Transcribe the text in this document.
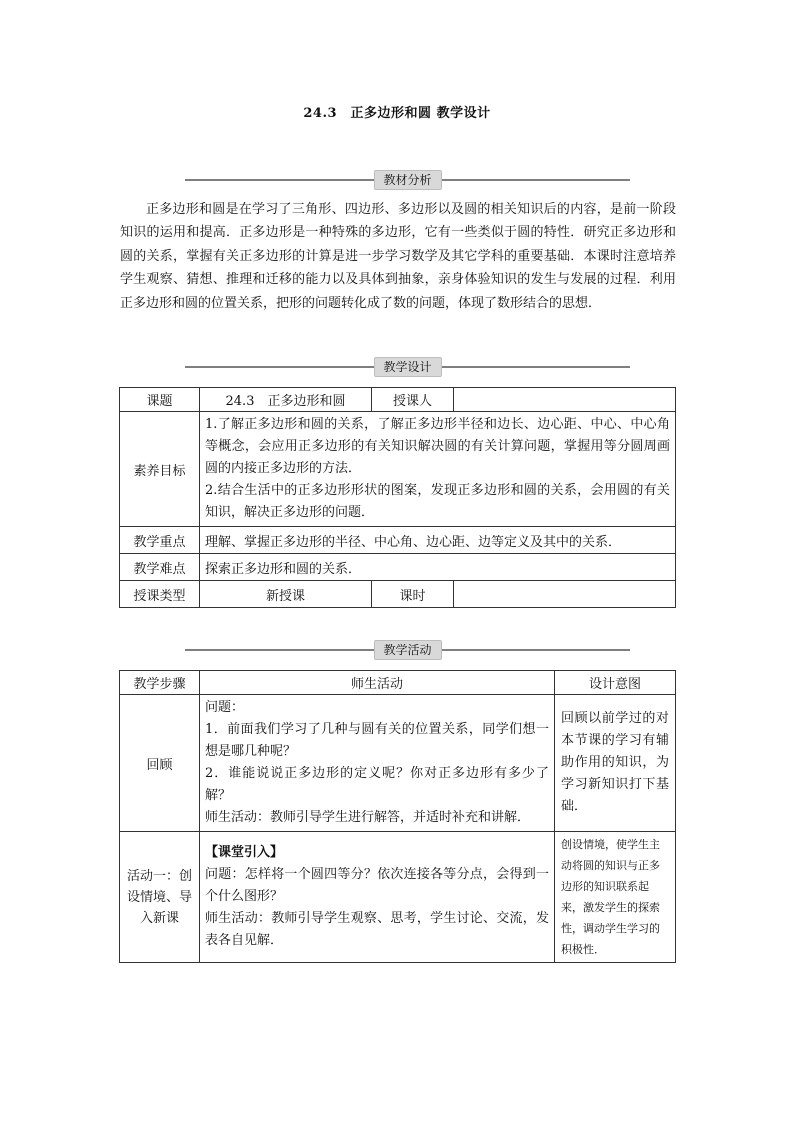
24.3　正多边形和圆 教学设计
教材分析

正多边形和圆是在学习了三角形、四边形、多边形以及圆的相关知识后的内容，是前一阶段知识的运用和提高．正多边形是一种特殊的多边形，它有一些类似于圆的特性．研究正多边形和圆的关系，掌握有关正多边形的计算是进一步学习数学及其它学科的重要基础．本课时注意培养学生观察、猜想、推理和迁移的能力以及具体到抽象，亲身体验知识的发生与发展的过程．利用正多边形和圆的位置关系，把形的问题转化成了数的问题，体现了数形结合的思想．

教学设计
课题	24.3　正多边形和圆	授课人	
素养目标	1.了解正多边形和圆的关系，了解正多边形半径和边长、边心距、中心、中心角等概念，会应用正多边形的有关知识解决圆的有关计算问题，掌握用等分圆周画圆的内接正多边形的方法．
2.结合生活中的正多边形形状的图案，发现正多边形和圆的关系，会用圆的有关知识，解决正多边形的问题．		

教学重点	理解、掌握正多边形的半径、中心角、边心距、边等定义及其中的关系．		
教学难点	探索正多边形和圆的关系．		
授课类型	新授课	课时	
教学活动
教学步骤	师生活动	设计意图
回顾	问题：
1．前面我们学习了几种与圆有关的位置关系，同学们想一想是哪几种呢？
2．谁能说说正多边形的定义呢？你对正多边形有多少了解？
师生活动：教师引导学生进行解答，并适时补充和讲解．	回顾以前学过的对本节课的学习有辅助作用的知识，为学习新知识打下基础．
活动一：创设情境、导入新课	【课堂引入】
问题：怎样将一个圆四等分？依次连接各等分点，会得到一个什么图形？
师生活动：教师引导学生观察、思考，学生讨论、交流，发表各自见解．	创设情境，使学生主动将圆的知识与正多边形的知识联系起来，激发学生的探索性，调动学生学习的积极性．
